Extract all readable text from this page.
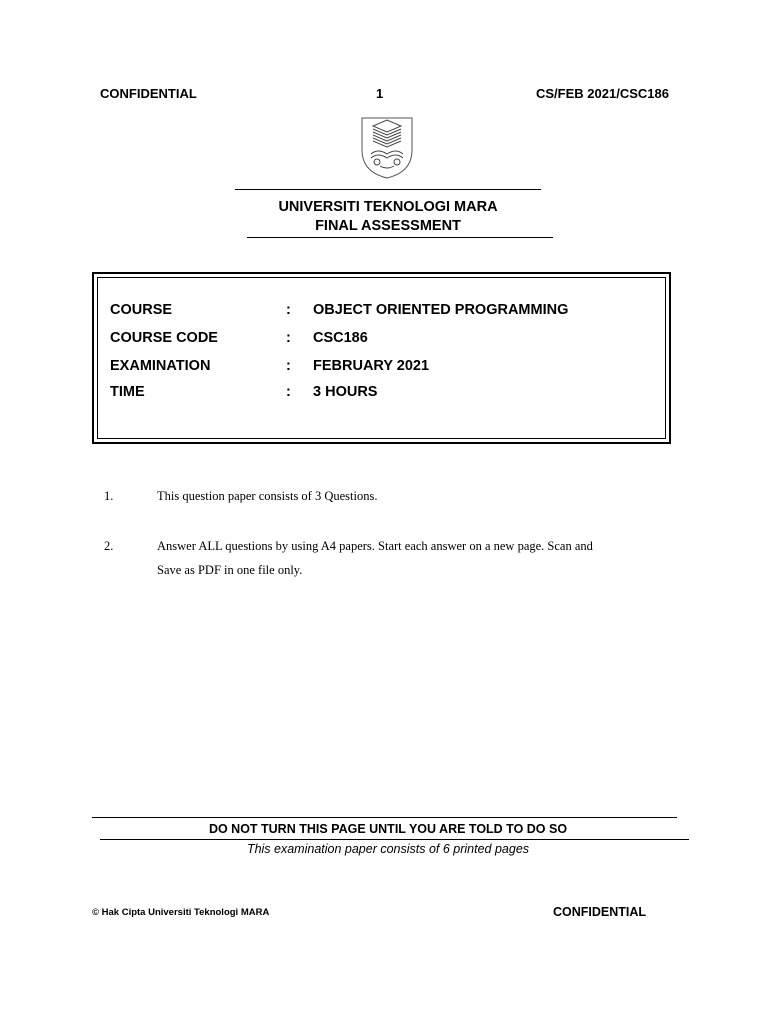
CONFIDENTIAL	1	CS/FEB 2021/CSC186
UNIVERSITI TEKNOLOGI MARA
FINAL ASSESSMENT
COURSE	: OBJECT ORIENTED PROGRAMMING
COURSE CODE	: CSC186
EXAMINATION	: FEBRUARY 2021
TIME	: 3 HOURS
1.	This question paper consists of 3 Questions.
2.	Answer ALL questions by using A4 papers. Start each answer on a new page. Scan and Save as PDF in one file only.
DO NOT TURN THIS PAGE UNTIL YOU ARE TOLD TO DO SO
This examination paper consists of 6 printed pages
© Hak Cipta Universiti Teknologi MARA	CONFIDENTIAL
